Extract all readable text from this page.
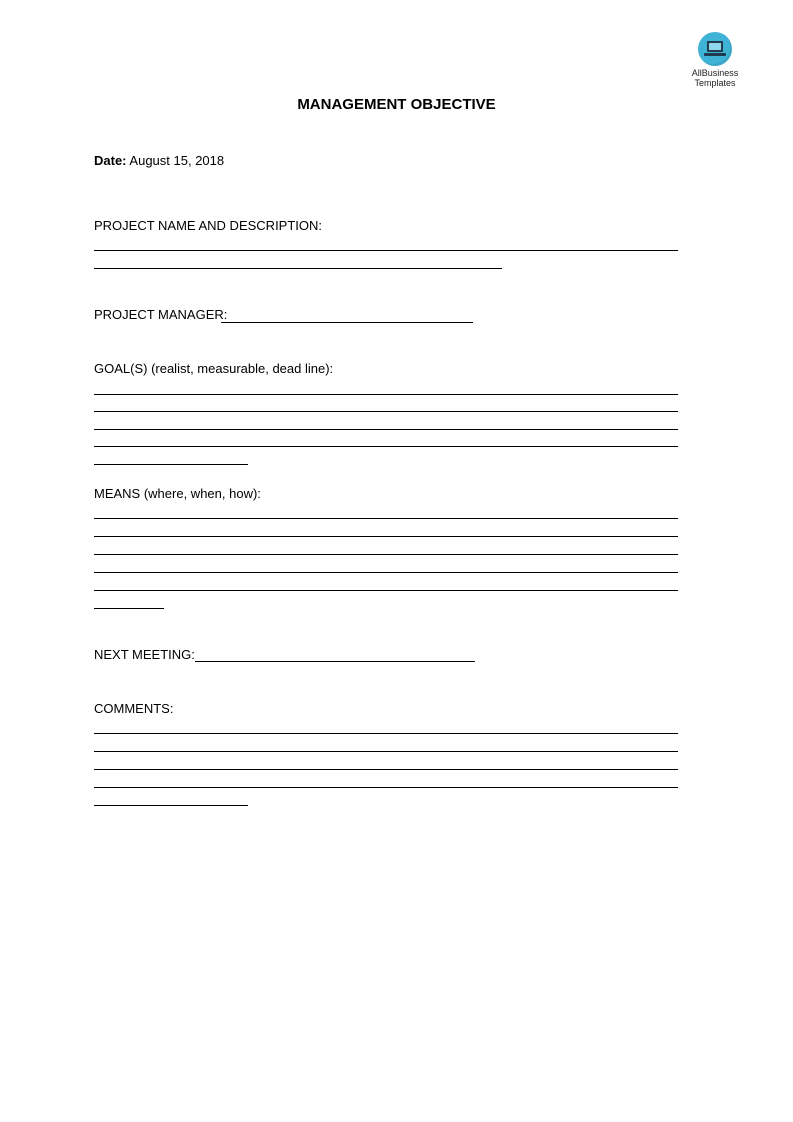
AllBusiness
Templates
MANAGEMENT OBJECTIVE
Date: August 15, 2018
PROJECT NAME AND DESCRIPTION:
PROJECT MANAGER:
GOAL(S) (realist, measurable, dead line):
MEANS (where, when, how):
NEXT MEETING:
COMMENTS:
